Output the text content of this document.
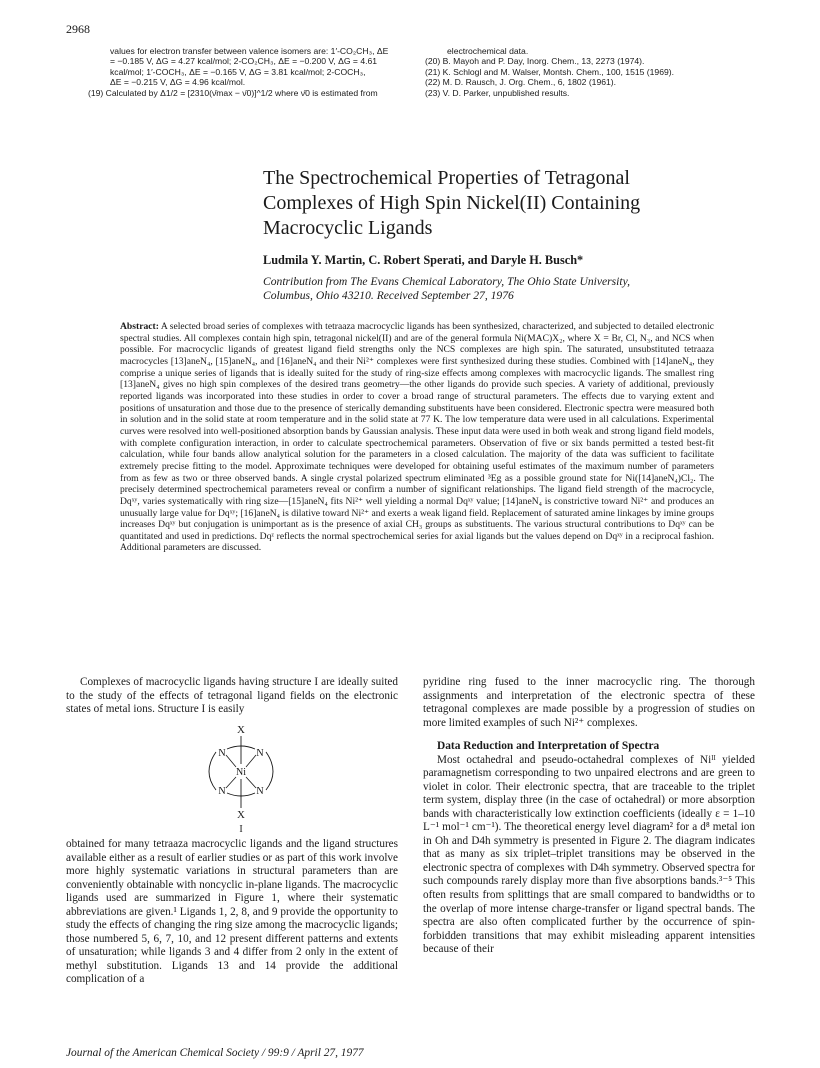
2968
values for electron transfer between valence isomers are: 1′-CO₂CH₃, ΔE
= −0.185 V, ΔG = 4.27 kcal/mol; 2-CO₂CH₃, ΔE = −0.200 V, ΔG = 4.61
kcal/mol; 1′-COCH₃, ΔE = −0.165 V, ΔG = 3.81 kcal/mol; 2-COCH₃,
ΔE = −0.215 V, ΔG = 4.96 kcal/mol.
(19) Calculated by Δ1/2 = [2310(ν̄max − ν̄0)]^1/2 where ν̄0 is estimated from
electrochemical data.
(20) B. Mayoh and P. Day, Inorg. Chem., 13, 2273 (1974).
(21) K. Schlogl and M. Walser, Montsh. Chem., 100, 1515 (1969).
(22) M. D. Rausch, J. Org. Chem., 6, 1802 (1961).
(23) V. D. Parker, unpublished results.
The Spectrochemical Properties of Tetragonal
Complexes of High Spin Nickel(II) Containing
Macrocyclic Ligands
Ludmila Y. Martin, C. Robert Sperati, and Daryle H. Busch*
Contribution from The Evans Chemical Laboratory, The Ohio State University,
Columbus, Ohio 43210. Received September 27, 1976
Abstract: A selected broad series of complexes with tetraaza macrocyclic ligands has been synthesized, characterized, and subjected to detailed electronic spectral studies. All complexes contain high spin, tetragonal nickel(II) and are of the general formula Ni(MAC)X₂, where X = Br, Cl, N₃, and NCS when possible. For macrocyclic ligands of greatest ligand field strengths only the NCS complexes are high spin. The saturated, unsubstituted tetraaza macrocycles [13]aneN₄, [15]aneN₄, and [16]aneN₄ and their Ni²⁺ complexes were first synthesized during these studies. Combined with [14]aneN₄, they comprise a unique series of ligands that is ideally suited for the study of ring-size effects among complexes with macrocyclic ligands. The smallest ring [13]aneN₄ gives no high spin complexes of the desired trans geometry—the other ligands do provide such species. A variety of additional, previously reported ligands was incorporated into these studies in order to cover a broad range of structural parameters. The effects due to varying extent and positions of unsaturation and those due to the presence of sterically demanding substituents have been considered. Electronic spectra were measured both in solution and in the solid state at room temperature and in the solid state at 77 K. The low temperature data were used in all calculations. Experimental curves were resolved into well-positioned absorption bands by Gaussian analysis. These input data were used in both weak and strong ligand field models, with complete configuration interaction, in order to calculate spectrochemical parameters. Observation of five or six bands permitted a tested best-fit calculation, while four bands allow analytical solution for the parameters in a closed calculation. The majority of the data was sufficient to facilitate extremely precise fitting to the model. Approximate techniques were developed for obtaining useful estimates of the maximum number of parameters from as few as two or three observed bands. A single crystal polarized spectrum eliminated ³Eg as a possible ground state for Ni([14]aneN₄)Cl₂. The precisely determined spectrochemical parameters reveal or confirm a number of significant relationships. The ligand field strength of the macrocycle, Dqˣʸ, varies systematically with ring size—[15]aneN₄ fits Ni²⁺ well yielding a normal Dqˣʸ value; [14]aneN₄ is constrictive toward Ni²⁺ and produces an unusually large value for Dqˣʸ; [16]aneN₄ is dilative toward Ni²⁺ and exerts a weak ligand field. Replacement of saturated amine linkages by imine groups increases Dqˣʸ but conjugation is unimportant as is the presence of axial CH₃ groups as substituents. The various structural contributions to Dqˣʸ can be quantitated and used in predictions. Dqᶻ reflects the normal spectrochemical series for axial ligands but the values depend on Dqˣʸ in a reciprocal fashion. Additional parameters are discussed.

Complexes of macrocyclic ligands having structure I are ideally suited to the study of the effects of tetragonal ligand fields on the electronic states of metal ions. Structure I is easily

X
N	N
N	N
Ni
X
I

obtained for many tetraaza macrocyclic ligands and the ligand structures available either as a result of earlier studies or as part of this work involve more highly systematic variations in structural parameters than are conveniently obtainable with noncyclic in-plane ligands. The macrocyclic ligands used are summarized in Figure 1, where their systematic abbreviations are given.¹ Ligands 1, 2, 8, and 9 provide the opportunity to study the effects of changing the ring size among the macrocyclic ligands; those numbered 5, 6, 7, 10, and 12 present different patterns and extents of unsaturation; while ligands 3 and 4 differ from 2 only in the extent of methyl substitution. Ligands 13 and 14 provide the additional complication of a

pyridine ring fused to the inner macrocyclic ring. The thorough assignments and interpretation of the electronic spectra of these tetragonal complexes are made possible by a progression of studies on more limited examples of such Ni²⁺ complexes.

Data Reduction and Interpretation of Spectra

Most octahedral and pseudo-octahedral complexes of Niᴵᴵ yielded paramagnetism corresponding to two unpaired electrons and are green to violet in color. Their electronic spectra, that are traceable to the triplet term system, display three (in the case of octahedral) or more absorption bands with characteristically low extinction coefficients (ideally ε = 1–10 L⁻¹ mol⁻¹ cm⁻¹). The theoretical energy level diagram² for a d⁸ metal ion in Oh and D4h symmetry is presented in Figure 2. The diagram indicates that as many as six triplet–triplet transitions may be observed in the electronic spectra of complexes with D4h symmetry. Observed spectra for such compounds rarely display more than five absorptions bands.³⁻⁵ This often results from splittings that are small compared to bandwidths or to the overlap of more intense charge-transfer or ligand spectral bands. The spectra are also often complicated further by the occurrence of spin-forbidden transitions that may exhibit misleading apparent intensities because of their

Journal of the American Chemical Society / 99:9 / April 27, 1977
